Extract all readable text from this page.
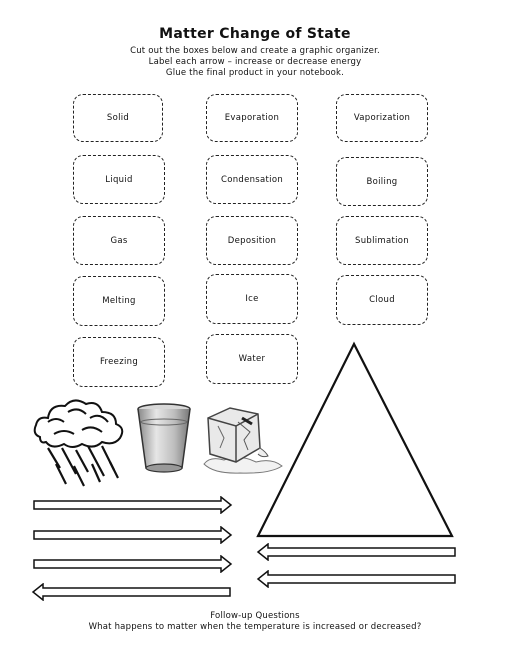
Matter Change of State
Cut out the boxes below and create a graphic organizer.
Label each arrow – increase or decrease energy
Glue the final product in your notebook.
Solid	Evaporation	Vaporization
Liquid	Condensation	Boiling
Gas	Deposition	Sublimation
Melting	Ice	Cloud
Freezing	Water
Follow-up Questions
What happens to matter when the temperature is increased or decreased?
